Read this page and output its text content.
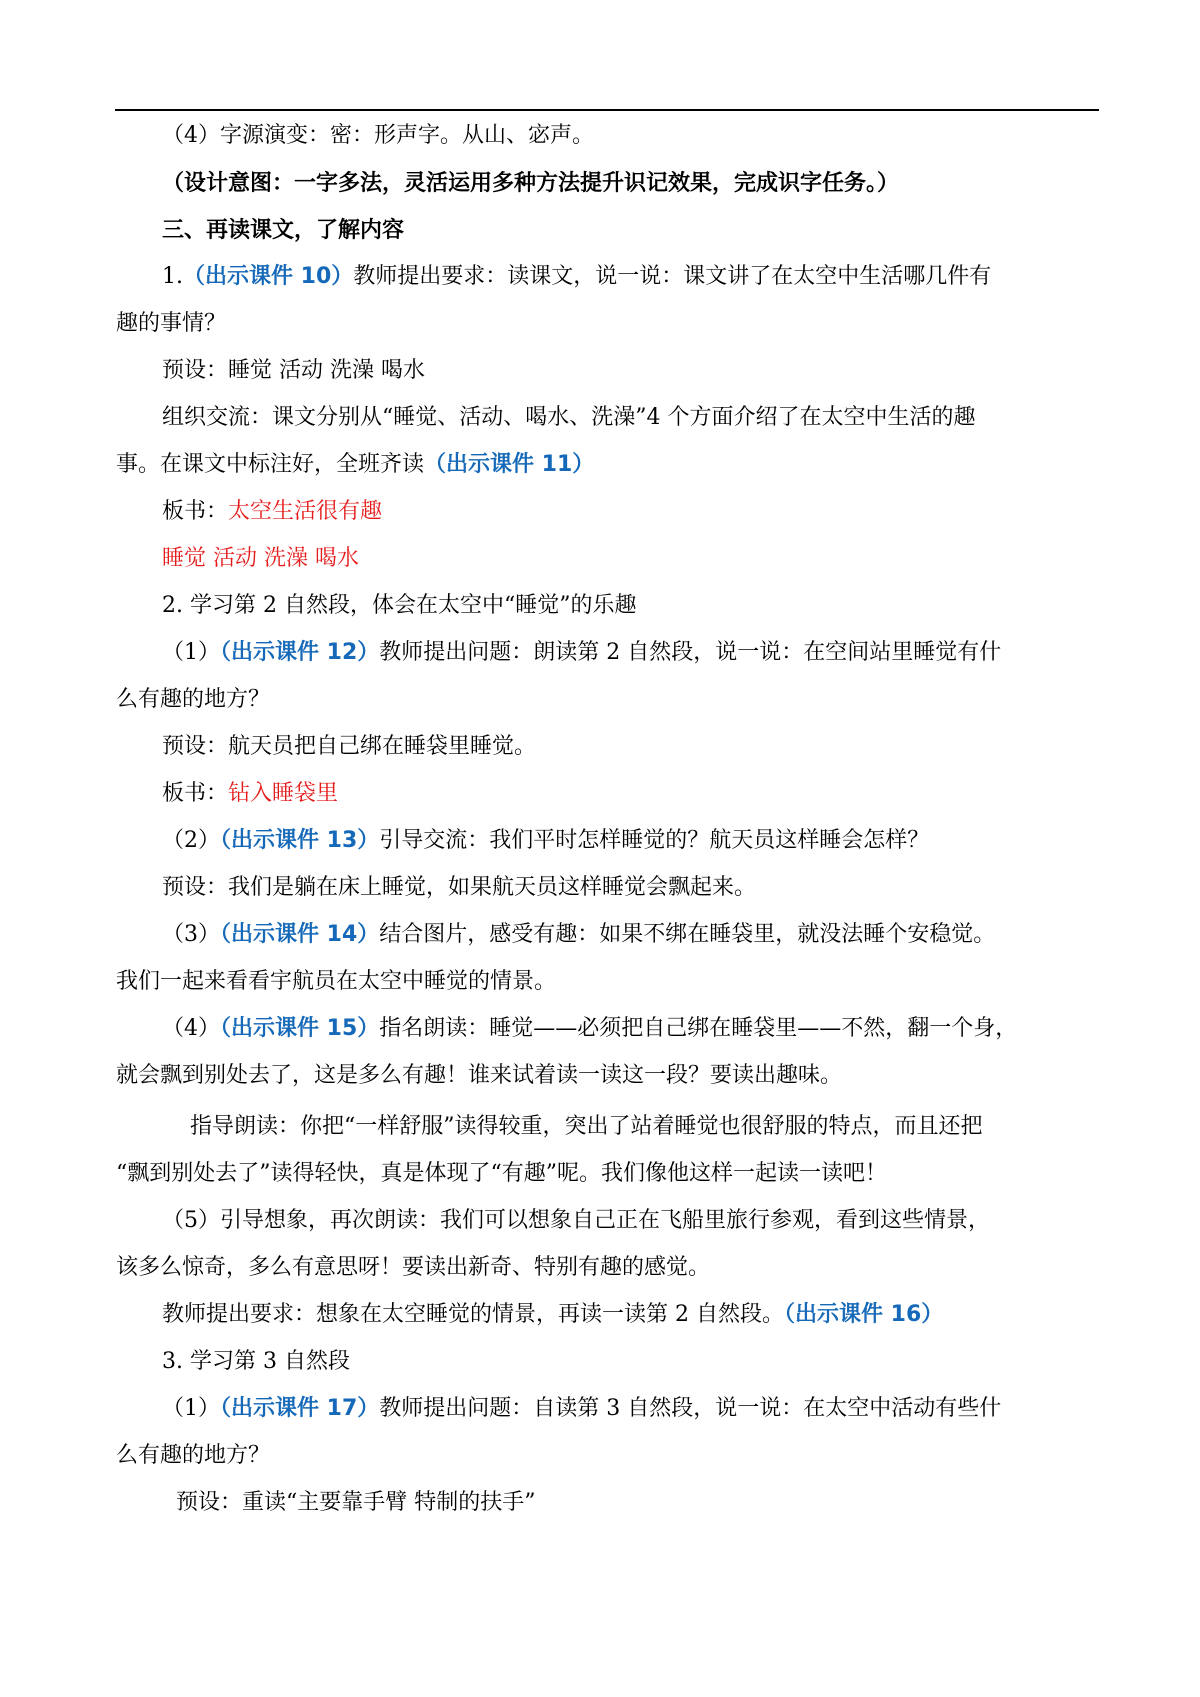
（4）字源演变：密：形声字。从山、宓声。
（设计意图：一字多法，灵活运用多种方法提升识记效果，完成识字任务。）
三、再读课文，了解内容
1.（出示课件 10）教师提出要求：读课文，说一说：课文讲了在太空中生活哪几件有
趣的事情？
预设：睡觉 活动 洗澡 喝水
组织交流：课文分别从“睡觉、活动、喝水、洗澡”4 个方面介绍了在太空中生活的趣
事。在课文中标注好，全班齐读（出示课件 11）
板书：太空生活很有趣
睡觉 活动 洗澡 喝水
2. 学习第 2 自然段，体会在太空中“睡觉”的乐趣
（1）（出示课件 12）教师提出问题：朗读第 2 自然段，说一说：在空间站里睡觉有什
么有趣的地方？
预设：航天员把自己绑在睡袋里睡觉。
板书：钻入睡袋里
（2）（出示课件 13）引导交流：我们平时怎样睡觉的？航天员这样睡会怎样？
预设：我们是躺在床上睡觉，如果航天员这样睡觉会飘起来。
（3）（出示课件 14）结合图片，感受有趣：如果不绑在睡袋里，就没法睡个安稳觉。
我们一起来看看宇航员在太空中睡觉的情景。
（4）（出示课件 15）指名朗读：睡觉——必须把自己绑在睡袋里——不然，翻一个身，
就会飘到别处去了，这是多么有趣！谁来试着读一读这一段？要读出趣味。
指导朗读：你把“一样舒服”读得较重，突出了站着睡觉也很舒服的特点，而且还把
“飘到别处去了”读得轻快，真是体现了“有趣”呢。我们像他这样一起读一读吧！
（5）引导想象，再次朗读：我们可以想象自己正在飞船里旅行参观，看到这些情景，
该多么惊奇，多么有意思呀！要读出新奇、特别有趣的感觉。
教师提出要求：想象在太空睡觉的情景，再读一读第 2 自然段。（出示课件 16）
3. 学习第 3 自然段
（1）（出示课件 17）教师提出问题：自读第 3 自然段，说一说：在太空中活动有些什
么有趣的地方？
预设：重读“主要靠手臂 特制的扶手”
